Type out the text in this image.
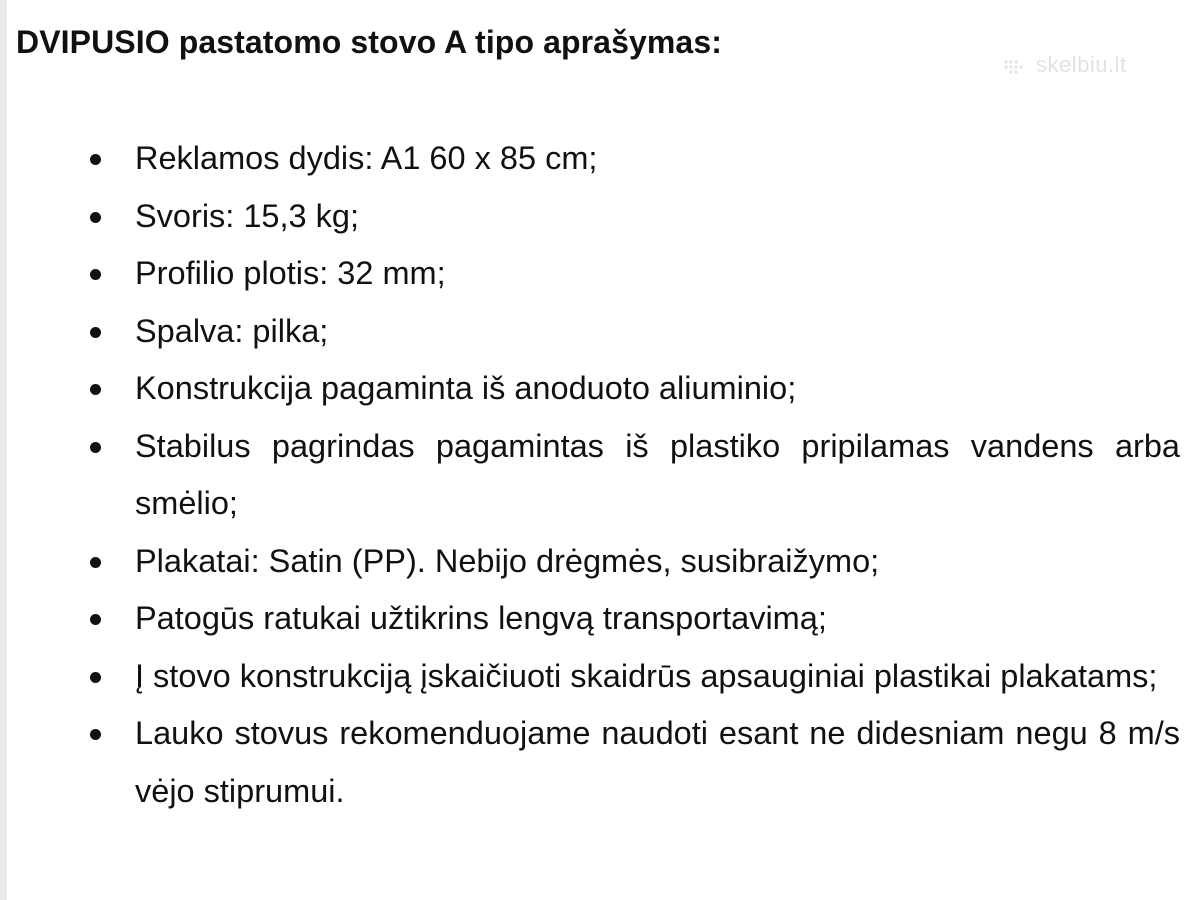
DVIPUSIO pastatomo stovo A tipo aprašymas:
skelbiu.lt
Reklamos dydis: A1 60 x 85 cm;
Svoris: 15,3 kg;
Profilio plotis: 32 mm;
Spalva: pilka;
Konstrukcija pagaminta iš anoduoto aliuminio;
Stabilus pagrindas pagamintas iš plastiko pripilamas vandens arba smėlio;
Plakatai: Satin (PP). Nebijo drėgmės, susibraižymo;
Patogūs ratukai užtikrins lengvą transportavimą;
Į stovo konstrukciją įskaičiuoti skaidrūs apsauginiai plastikai plakatams;
Lauko stovus rekomenduojame naudoti esant ne didesniam negu 8 m/s vėjo stiprumui.
